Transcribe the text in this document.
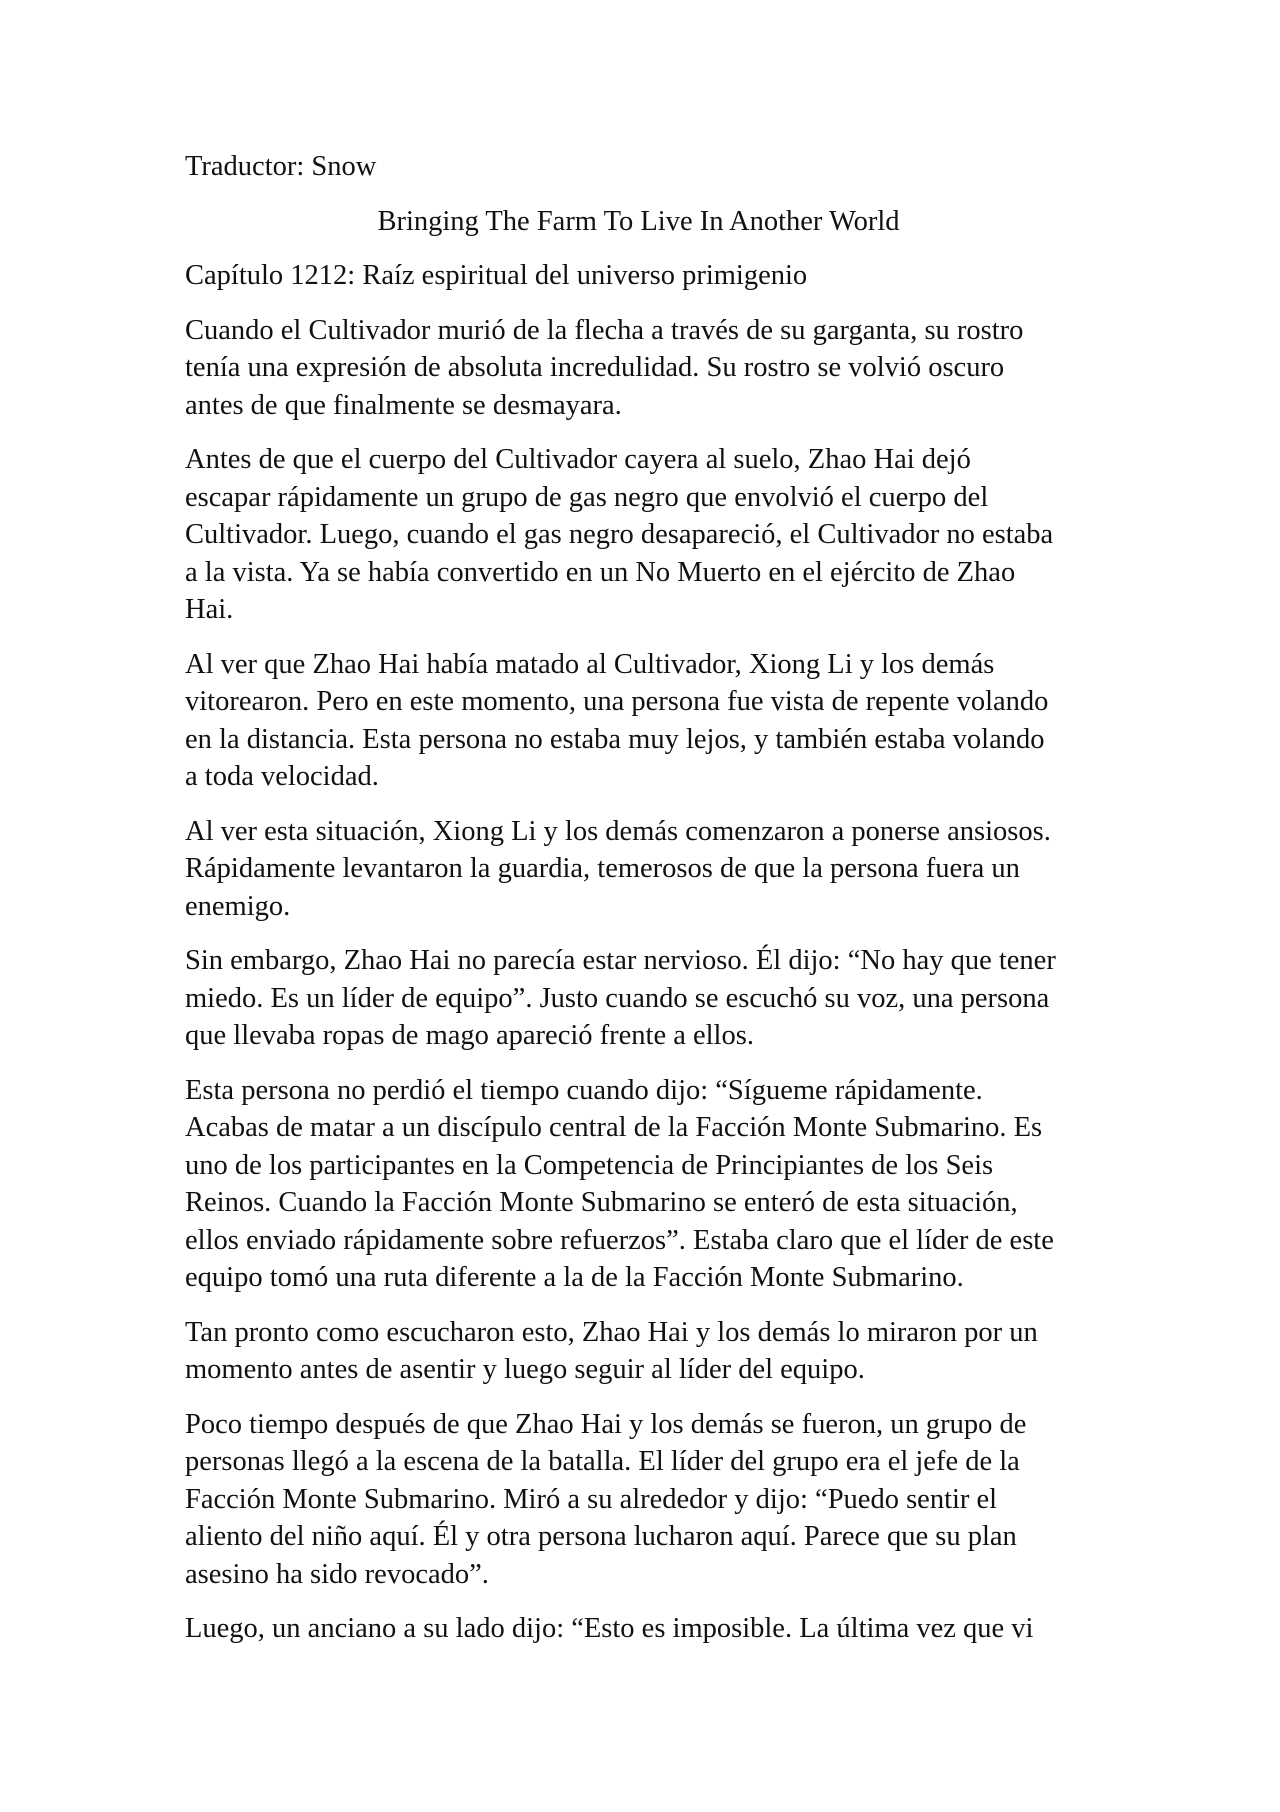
Traductor: Snow
Bringing The Farm To Live In Another World
Capítulo 1212: Raíz espiritual del universo primigenio
Cuando el Cultivador murió de la flecha a través de su garganta, su rostro
tenía una expresión de absoluta incredulidad. Su rostro se volvió oscuro
antes de que finalmente se desmayara.
Antes de que el cuerpo del Cultivador cayera al suelo, Zhao Hai dejó
escapar rápidamente un grupo de gas negro que envolvió el cuerpo del
Cultivador. Luego, cuando el gas negro desapareció, el Cultivador no estaba
a la vista. Ya se había convertido en un No Muerto en el ejército de Zhao
Hai.
Al ver que Zhao Hai había matado al Cultivador, Xiong Li y los demás
vitorearon. Pero en este momento, una persona fue vista de repente volando
en la distancia. Esta persona no estaba muy lejos, y también estaba volando
a toda velocidad.
Al ver esta situación, Xiong Li y los demás comenzaron a ponerse ansiosos.
Rápidamente levantaron la guardia, temerosos de que la persona fuera un
enemigo.
Sin embargo, Zhao Hai no parecía estar nervioso. Él dijo: “No hay que tener
miedo. Es un líder de equipo”. Justo cuando se escuchó su voz, una persona
que llevaba ropas de mago apareció frente a ellos.
Esta persona no perdió el tiempo cuando dijo: “Sígueme rápidamente.
Acabas de matar a un discípulo central de la Facción Monte Submarino. Es
uno de los participantes en la Competencia de Principiantes de los Seis
Reinos. Cuando la Facción Monte Submarino se enteró de esta situación,
ellos enviado rápidamente sobre refuerzos”. Estaba claro que el líder de este
equipo tomó una ruta diferente a la de la Facción Monte Submarino.
Tan pronto como escucharon esto, Zhao Hai y los demás lo miraron por un
momento antes de asentir y luego seguir al líder del equipo.
Poco tiempo después de que Zhao Hai y los demás se fueron, un grupo de
personas llegó a la escena de la batalla. El líder del grupo era el jefe de la
Facción Monte Submarino. Miró a su alrededor y dijo: “Puedo sentir el
aliento del niño aquí. Él y otra persona lucharon aquí. Parece que su plan
asesino ha sido revocado”.
Luego, un anciano a su lado dijo: “Esto es imposible. La última vez que vi
